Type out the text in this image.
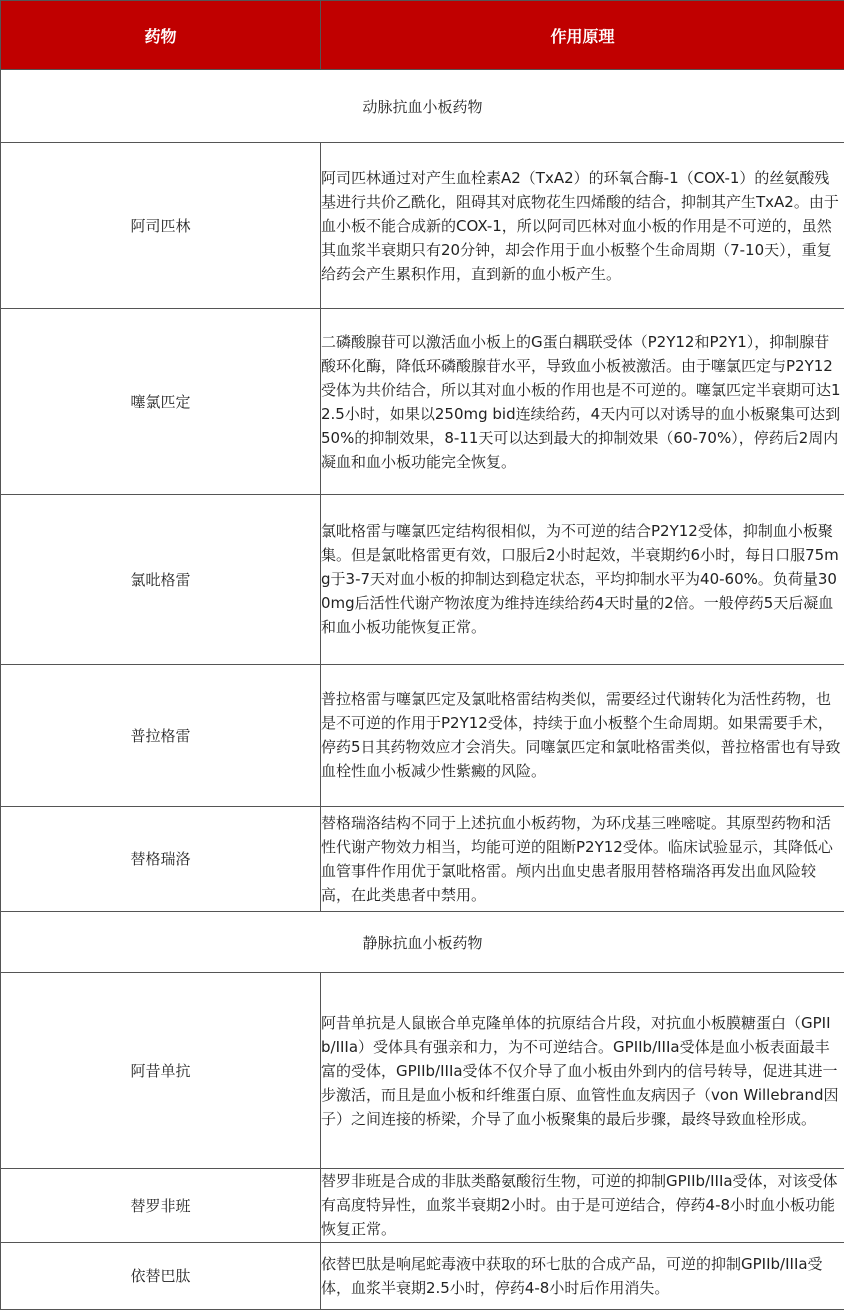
药物	作用原理
动脉抗血小板药物	
阿司匹林	阿司匹林通过对产生血栓素A2（TxA2）的环氧合酶-1（COX-1）的丝氨酸残基进行共价乙酰化，阻碍其对底物花生四烯酸的结合，抑制其产生TxA2。由于血小板不能合成新的COX-1，所以阿司匹林对血小板的作用是不可逆的，虽然其血浆半衰期只有20分钟，却会作用于血小板整个生命周期（7-10天），重复给药会产生累积作用，直到新的血小板产生。
噻氯匹定	二磷酸腺苷可以激活血小板上的G蛋白耦联受体（P2Y12和P2Y1），抑制腺苷酸环化酶，降低环磷酸腺苷水平，导致血小板被激活。由于噻氯匹定与P2Y12受体为共价结合，所以其对血小板的作用也是不可逆的。噻氯匹定半衰期可达12.5小时，如果以250mg bid连续给药，4天内可以对诱导的血小板聚集可达到50%的抑制效果，8-11天可以达到最大的抑制效果（60-70%），停药后2周内凝血和血小板功能完全恢复。
氯吡格雷	氯吡格雷与噻氯匹定结构很相似，为不可逆的结合P2Y12受体，抑制血小板聚集。但是氯吡格雷更有效，口服后2小时起效，半衰期约6小时，每日口服75mg于3-7天对血小板的抑制达到稳定状态，平均抑制水平为40-60%。负荷量300mg后活性代谢产物浓度为维持连续给药4天时量的2倍。一般停药5天后凝血和血小板功能恢复正常。
普拉格雷	普拉格雷与噻氯匹定及氯吡格雷结构类似，需要经过代谢转化为活性药物，也是不可逆的作用于P2Y12受体，持续于血小板整个生命周期。如果需要手术，停药5日其药物效应才会消失。同噻氯匹定和氯吡格雷类似，普拉格雷也有导致血栓性血小板减少性紫癜的风险。
替格瑞洛	替格瑞洛结构不同于上述抗血小板药物，为环戊基三唑嘧啶。其原型药物和活性代谢产物效力相当，均能可逆的阻断P2Y12受体。临床试验显示，其降低心血管事件作用优于氯吡格雷。颅内出血史患者服用替格瑞洛再发出血风险较高，在此类患者中禁用。
静脉抗血小板药物	
阿昔单抗	阿昔单抗是人鼠嵌合单克隆单体的抗原结合片段，对抗血小板膜糖蛋白（GPIIb/IIIa）受体具有强亲和力，为不可逆结合。GPIIb/IIIa受体是血小板表面最丰富的受体，GPIIb/IIIa受体不仅介导了血小板由外到内的信号转导，促进其进一步激活，而且是血小板和纤维蛋白原、血管性血友病因子（von Willebrand因子）之间连接的桥梁，介导了血小板聚集的最后步骤，最终导致血栓形成。
替罗非班	替罗非班是合成的非肽类酪氨酸衍生物，可逆的抑制GPIIb/IIIa受体，对该受体有高度特异性，血浆半衰期2小时。由于是可逆结合，停药4-8小时血小板功能恢复正常。
依替巴肽	依替巴肽是响尾蛇毒液中获取的环七肽的合成产品，可逆的抑制GPIIb/IIIa受体，血浆半衰期2.5小时，停药4-8小时后作用消失。
